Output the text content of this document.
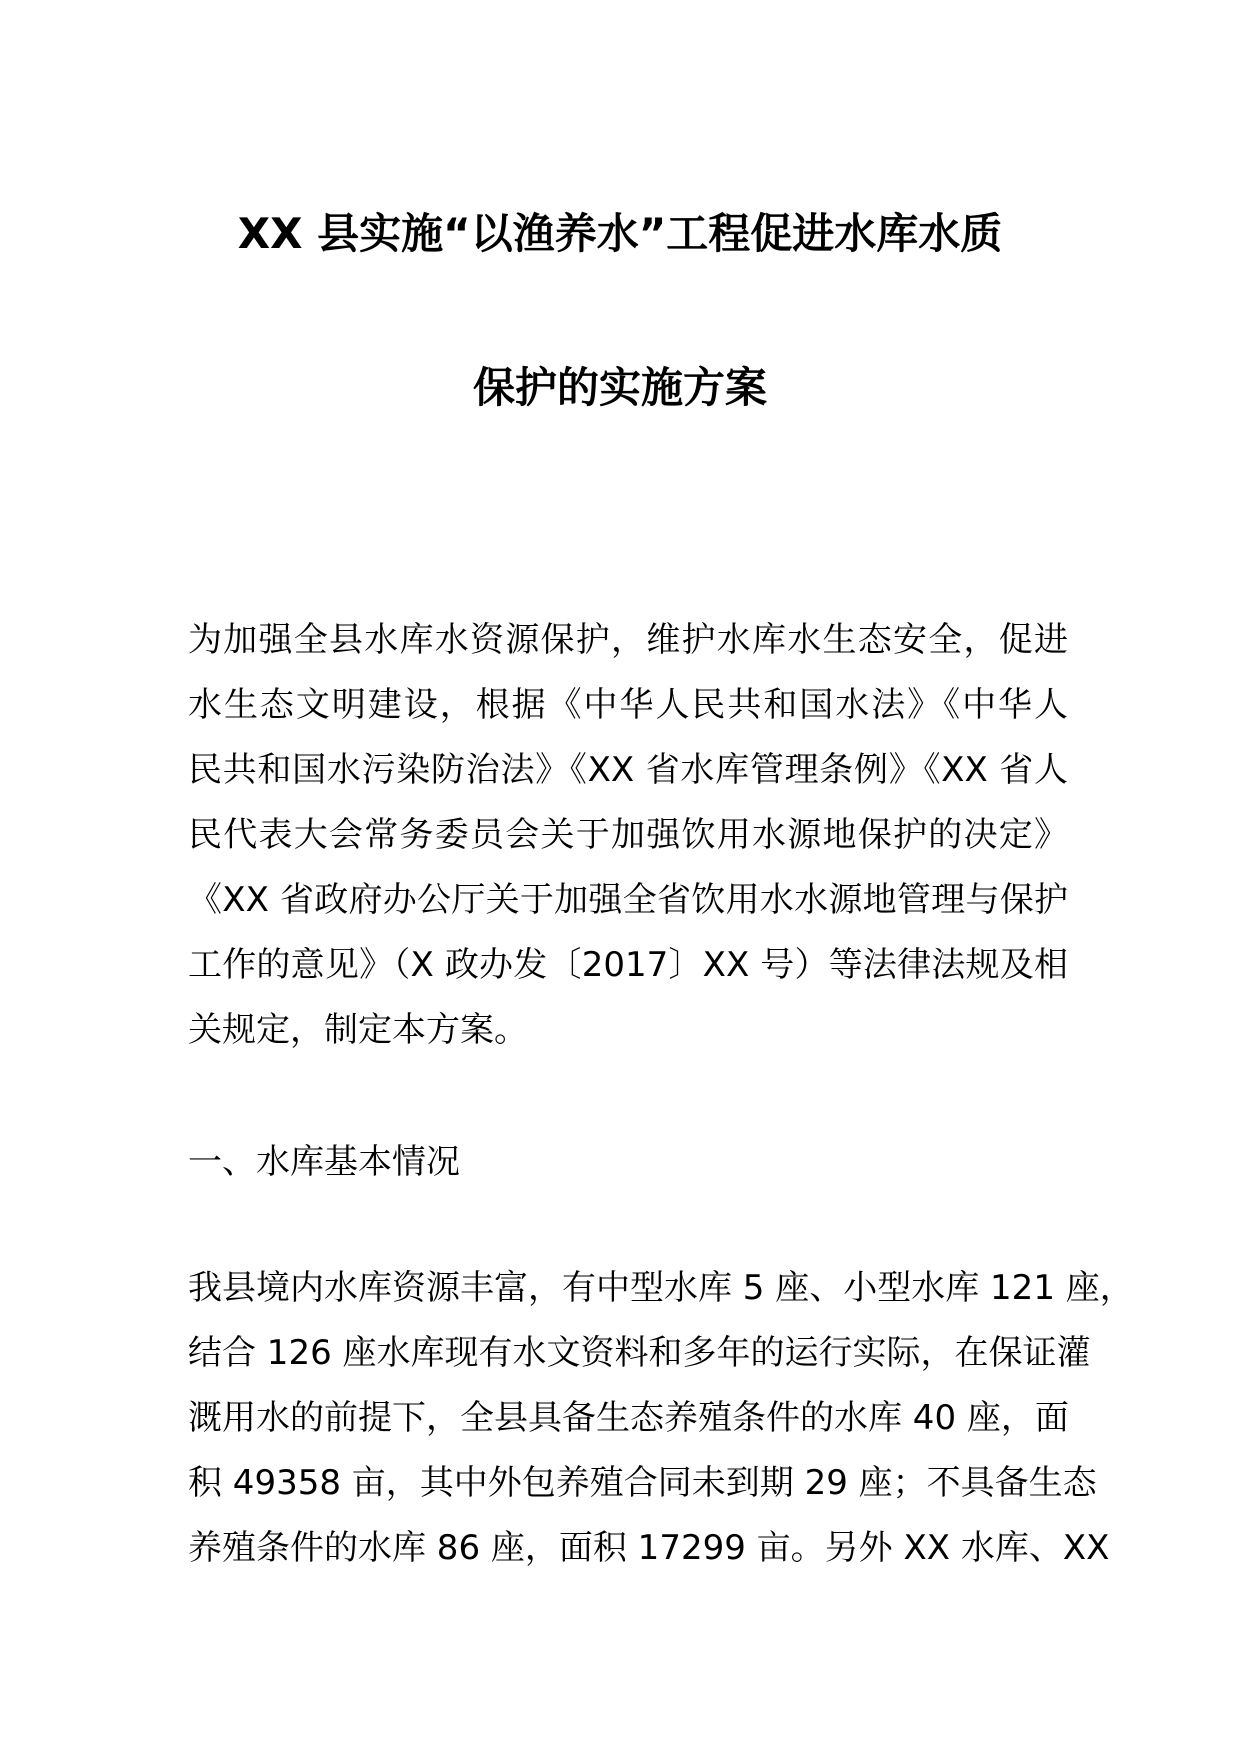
XX 县实施“以渔养水”工程促进水库水质
保护的实施方案
为加强全县水库水资源保护，维护水库水生态安全，促进
水生态文明建设，根据《中华人民共和国水法》《中华人
民共和国水污染防治法》《XX 省水库管理条例》《XX 省人
民代表大会常务委员会关于加强饮用水源地保护的决定》
《XX 省政府办公厅关于加强全省饮用水水源地管理与保护
工作的意见》（X 政办发〔2017〕XX 号）等法律法规及相
关规定，制定本方案。
一、水库基本情况
我县境内水库资源丰富，有中型水库 5 座、小型水库 121 座，
结合 126 座水库现有水文资料和多年的运行实际，在保证灌
溉用水的前提下，全县具备生态养殖条件的水库 40 座，面
积 49358 亩，其中外包养殖合同未到期 29 座；不具备生态
养殖条件的水库 86 座，面积 17299 亩。另外 XX 水库、XX
